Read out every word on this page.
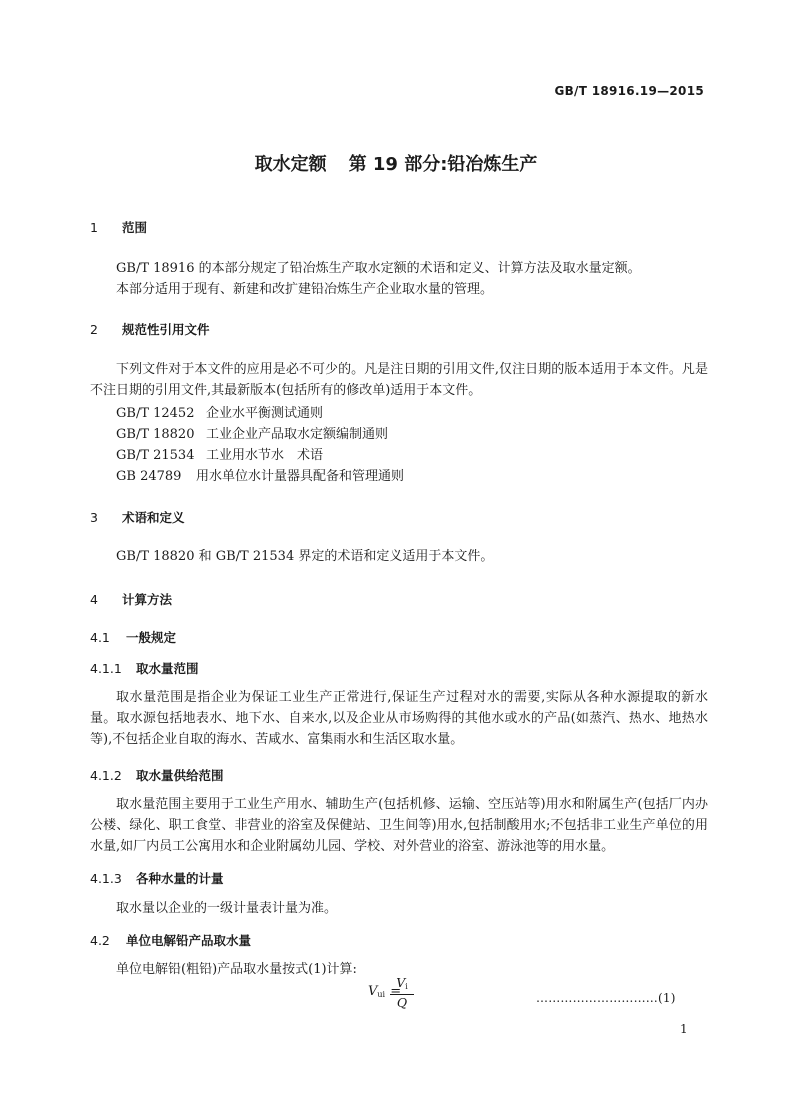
GB/T 18916.19—2015
取水定额 第 19 部分:铅冶炼生产
1 范围
GB/T 18916 的本部分规定了铅冶炼生产取水定额的术语和定义、计算方法及取水量定额。
本部分适用于现有、新建和改扩建铅冶炼生产企业取水量的管理。
2 规范性引用文件
下列文件对于本文件的应用是必不可少的。凡是注日期的引用文件,仅注日期的版本适用于本文件。凡是不注日期的引用文件,其最新版本(包括所有的修改单)适用于本文件。
GB/T 12452 企业水平衡测试通则
GB/T 18820 工业企业产品取水定额编制通则
GB/T 21534 工业用水节水　术语
GB 24789 用水单位水计量器具配备和管理通则
3 术语和定义
GB/T 18820 和 GB/T 21534 界定的术语和定义适用于本文件。
4 计算方法
4.1 一般规定
4.1.1 取水量范围
取水量范围是指企业为保证工业生产正常进行,保证生产过程对水的需要,实际从各种水源提取的新水量。取水源包括地表水、地下水、自来水,以及企业从市场购得的其他水或水的产品(如蒸汽、热水、地热水等),不包括企业自取的海水、苦咸水、富集雨水和生活区取水量。
4.1.2 取水量供给范围
取水量范围主要用于工业生产用水、辅助生产(包括机修、运输、空压站等)用水和附属生产(包括厂内办公楼、绿化、职工食堂、非营业的浴室及保健站、卫生间等)用水,包括制酸用水;不包括非工业生产单位的用水量,如厂内员工公寓用水和企业附属幼儿园、学校、对外营业的浴室、游泳池等的用水量。
4.1.3 各种水量的计量
取水量以企业的一级计量表计量为准。
4.2 单位电解铅产品取水量
单位电解铅(粗铅)产品取水量按式(1)计算:
$V_{ui}$ =
$\frac{V_i}{Q}$	…………………………(1)
1
